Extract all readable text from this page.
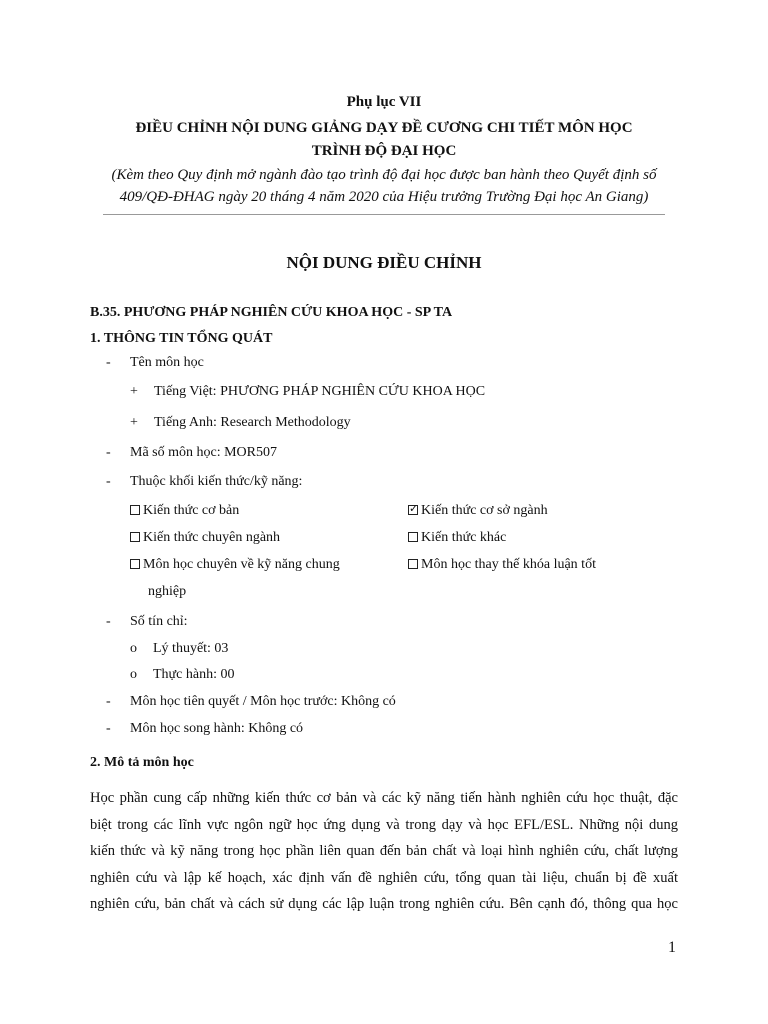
Phụ lục VII
ĐIỀU CHỈNH NỘI DUNG GIẢNG DẠY ĐỀ CƯƠNG CHI TIẾT MÔN HỌC
TRÌNH ĐỘ ĐẠI HỌC
(Kèm theo Quy định mở ngành đào tạo trình độ đại học được ban hành theo Quyết định số
409/QĐ-ĐHAG ngày 20 tháng 4 năm 2020 của Hiệu trưởng Trường Đại học An Giang)
NỘI DUNG ĐIỀU CHỈNH
B.35. PHƯƠNG PHÁP NGHIÊN CỨU KHOA HỌC - SP TA
1. THÔNG TIN TỔNG QUÁT
- Tên môn học
+ Tiếng Việt: PHƯƠNG PHÁP NGHIÊN CỨU KHOA HỌC
+ Tiếng Anh: Research Methodology
- Mã số môn học: MOR507
- Thuộc khối kiến thức/kỹ năng:
Kiến thức cơ bản
✓	Kiến thức cơ sở ngành
Kiến thức chuyên ngành	Kiến thức khác
Môn học chuyên về kỹ năng chung
nghiệp
Môn học thay thế khóa luận tốt
- Số tín chỉ:
o Lý thuyết: 03
o Thực hành: 00
- Môn học tiên quyết / Môn học trước: Không có
- Môn học song hành: Không có
2. Mô tả môn học
Học phần cung cấp những kiến thức cơ bản và các kỹ năng tiến hành nghiên cứu học thuật, đặc
biệt trong các lĩnh vực ngôn ngữ học ứng dụng và trong dạy và học EFL/ESL. Những nội dung
kiến thức và kỹ năng trong học phần liên quan đến bản chất và loại hình nghiên cứu, chất lượng
nghiên cứu và lập kế hoạch, xác định vấn đề nghiên cứu, tổng quan tài liệu, chuẩn bị đề xuất
nghiên cứu, bản chất và cách sử dụng các lập luận trong nghiên cứu. Bên cạnh đó, thông qua học
1
